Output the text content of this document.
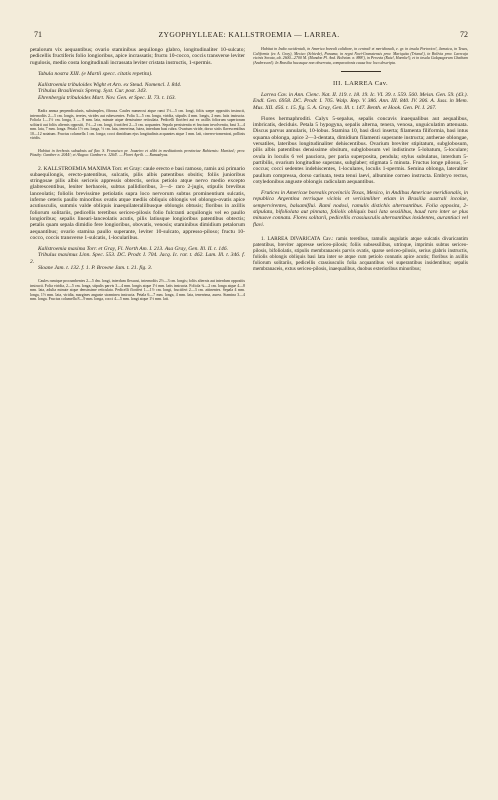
71	ZYGOPHYLLEAE: KALLSTROEMIA — LARREA.	72

petalorum vix aequantibus; ovario staminibus aequilongo glabro, longitudinaliter 10-sulcato; pedicellis fructiferis folio longioribus, apice incrassatis; fructu 10-cocco, coccis transverse leviter rugulosis, medio costa longitudinali incrassata leviter cristata instructis, 1-spermis.

Tabula nostra XIII. (e Martii specc. citatis repetita).

Kallstroemia tribuloides Wight et Arn. ex Steud. Nomencl. I. 844.

Tribulus Brasiliensis Spreng. Syst. Cur. post. 343.

Ehrenbergia tribuloides Mart. Nov. Gen. et Spec. II. 73. t. 163.

Radix annua perpendicularis, subsimplex, fibrosa. Caules numerosi atque rami 1½—5 cm. longi, foliis saepe oppositis instructi, internodiis 2—3 cm. longis, teretes, virides aut rubescentes. Folia 3—5 cm. longa, viridia, stipulis 4 mm. longis, 2 mm. latis instructa. Foliola 1—1½ cm. longa, 3 — 8 mm. lata, minute atque densissime reticulata. Pedicelli floriferi aut ex axillis foliorum superiorum solitarii aut foliis alternis oppositi, 1½—2 cm. longi, fructiferi 2—3 cm. acquantes. Sepala persistentia et fructum involventia, basi 3—4 mm. lata, 7 mm. longa. Petala 1½ cm. longa, ½ cm. lata, tenerrima, lutea, interdum basi rubra. Ovarium viride, dorso striis flavescentibus 10—12 notatum. Fructus columella 1 cm. longa; cocci dimidium ejus longitudinis acquantes atque 1 mm. lati, cinereo-tomentosi, pollinis viridis.

Habitat in herbosis subudosis ad flav. S. Francisco pr. Joazeiro et alibi in meditationis provinciae Bahiensis: Martius!; prov. Piauhy: Gardner n. 2044!; et Alagoa: Gardner n. 1264!. — Floret Aprili. — Ramadryas.

2. KALLSTROEMIA MAXIMA Torr. et Gray: caule erecto e basi ramoso, ramis axi primario subaequilongis, erecto-patentibus, sulcatis, pilis albis patentibus obsitis; foliis junioribus stringosae pilis albis sericeis appressis obtectis, serius petiolo atque nervo medio excepto glabrescentibus, leniter herbaceis, subtus pallidioribus, 3—4- raro 2-jugis, stipulis brevibus lanceolatis; foliolis brevissime petiolatis supra loco nervorum subtus prominentium sulcatis, inferne ceteris paullo minoribus ovatis atque mediis obliquis oblongis vel oblongo-ovatis apice acutiusculis, summis valde obliquis inaequilateraliibusque oblongis obtusis; floribus in axillis foliorum solitariis, pedicellis teretibus sericeo-pilosis folio fulcranti acquilongis vel eo paullo longioribus; sepalis lineari-lanceolatis acutis, pilis latiusque longioribus patentibus obtectis; petalis quam sepala dimidio fere longioribus, obovatis, venosis; staminibus dimidium petalorum aequantibus; ovario stamina paullo superante, leviter 10-sulcato, appresso-piloso; fructu 10-cocco, coccis transverse 1-sulcatis, 1-locularibus.

Kallstroemia maxima Torr. et Gray, Fl. North Am. I. 213. Asa Gray, Gen. Ill. II. t. 146.

Tribulus maximus Linn. Spec. 553. DC. Prodr. I. 704. Jacq. Ic. rar. t. 462. Lam. Ill. t. 346. f. 2.

Sloane Jam. t. 132. f. 1. P. Browne Jam. t. 21. fig. 3.

Caules ramique procumbentes 2—5 dm. longi, interdum flexuosi, internodiis 2½—3 cm. longis; foliis alternis aut interdum oppositis instructi. Folia viridia, 2—5 cm. longa, stipulis parvis 3—4 mm. longis atque 1½ mm. latis instructa. Foliola ¾—2 cm. longa atque 4—8 mm. lata, adulta minute atque densissime reticulata. Pedicelli floriferi 1—1½ cm. longi, fructiferi 2—3 cm. attinentes. Sepala 4 mm. longa, 1½ mm. lata, viridia, margines anguste straminea instructa. Petala 6—7 mm. longa, 4 mm. lata, tenerrima, aurea. Stamina 3—4 mm. longa. Fructus columella 8—9 mm. longa, cocci 4—5 mm. longi atque 1½ mm. lati.

Habitat in India occidentali, in America boreali calidiore, in centrali et meridionali, e. gr. in insula Portorico!, Jamaica, in Texas, California (ex A. Gray), Mexico (Schiede), Panama, in regni Novi-Granatensis prov. Mariquita (Triana!), in Bolivia prov. Larecaja vicinis Sorata, alt. 2600—2700 M. (Mandon Pl. And. Bolivian. n. 888!), in Peruvia (Ruiz!, Haenke!), et in insula Galapagorum Chatham (Andersson!). In Brasilia hucusque non observata, comparationis causa hoc loco descripta.

III. LARREA Cav.

Larrea Cav. in Ann. Cienc. Nat. II. 119. t. 18. 19. Ic. VI. 39. t. 559. 560. Meisn. Gen. 59. (43.). Endl. Gen. 6958. DC. Prodr. I. 705. Walp. Rep. V. 386. Ann. III. 840. IV. 306. A. Juss. in Mem. Mus. XII. 456. t. 15. fig. 5. A. Gray, Gen. Ill. t. 147. Benth. et Hook. Gen. Pl. I. 267.

Flores hermaphroditi. Calyx 5-sepalus, sepalis concavis inaequalibus aut aequalibus, imbricatis, deciduis. Petala 5 hypogyna, sepalis alterna, tenera, venosa, unguiculatim attenuata. Discus parvus annularis, 10-lobus. Stamina 10, basi disci inserta; filamenta filiformia, basi intus squama oblonga, apice 2—3-dentata, dimidium filamenti superante instructa; antherae oblongae, versatiles, lateribus longitudinaliter dehiscentibus. Ovarium breviter stipitatum, subglobosum, pilis albis patentibus densissime obsitum, subglobosum vel indistincte 5-lobatum, 5-loculare; ovula in loculis 6 vel pauciora, per paria superposita, pendula; stylus subulatus, interdum 5-partibilis, ovarium longitudine superans, subglaber; stigmata 5 minuta. Fructus longe pilosus, 5-coccus; cocci sedentes indehiscentes, 1-loculares, loculis 1-spermis. Semina oblonga, lateraliter paullum compressa, dorso carinata, testa tenui laevi, albumine corneo instructa. Embryo rectus, cotyledonibus anguste oblongis radiculam aequantibus.

Frutices in Americae borealis provinciis Texas, Mexico, in Andibus Americae meridionalis, in republica Argentina terrisque vicinis et verisimiliter etiam in Brasilia australi incolae, sempervirentes, balsamiflui. Rami nodosi, ramulis distichis alternantibus. Folia opposita, 2-stipulata, bifoliolata aut pinnata, foliolis obliquis basi lata sessilibus, haud raro inter se plus minusve connata. Flores solitarii, pedicellis crassiusculis alternantibus insidentes, aurantiaci vel flavi.

1. LARREA DIVARICATA Cav.: ramis teretibus, ramulis angulatis atque sulcatis divaricantim patentibus, breviter appresse sericeo-pilosis; foliis subsessilibus, utrinque, imprimis subtus sericeo-pilosis, bifoliolatis, stipulis membranaceis parvis ovatis, sparse sericeo-pilosis, serius glabris instructis, foliolis oblongis obliquis basi lata inter se atque cum petiolo connatis apice acutis; floribus in axillis foliorum solitariis, pedicellis crassiusculis folia acquantibus vel superantibus insidentibus; sepalis membranaceis, extus sericeo-pilosis, inaequalibus, duobus exterioribus minoribus;
